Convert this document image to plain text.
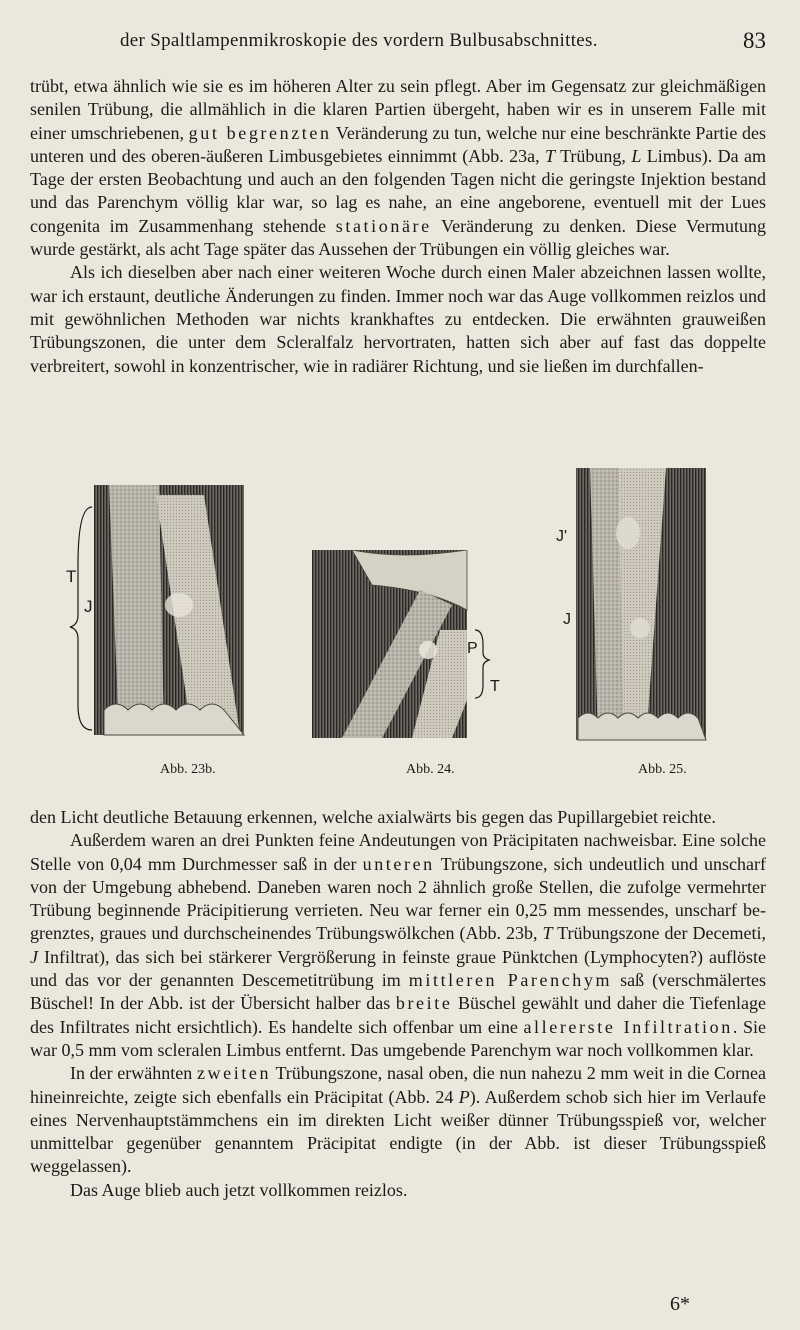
der Spaltlampenmikroskopie des vordern Bulbusabschnittes.	83

trübt, etwa ähnlich wie sie es im höheren Alter zu sein pflegt. Aber im Gegensatz zur gleichmäßigen senilen Trübung, die allmählich in die klaren Partien übergeht, haben wir es in unserem Falle mit einer umschriebenen, gut begrenzten Veränderung zu tun, welche nur eine beschränkte Partie des unteren und des oberen-äußeren Limbusgebietes einnimmt (Abb. 23a, T Trübung, L Limbus). Da am Tage der ersten Beobachtung und auch an den folgenden Tagen nicht die geringste Injektion bestand und das Parenchym völlig klar war, so lag es nahe, an eine angeborene, eventuell mit der Lues congenita im Zusammenhang stehende stationäre Veränderung zu denken. Diese Vermutung wurde gestärkt, als acht Tage später das Aussehen der Trübungen ein völlig gleiches war.

Als ich dieselben aber nach einer weiteren Woche durch einen Maler abzeichnen lassen wollte, war ich erstaunt, deutliche Änderungen zu finden. Immer noch war das Auge vollkommen reizlos und mit gewöhnlichen Methoden war nichts krankhaftes zu entdecken. Die erwähnten grauweißen Trübungszonen, die unter dem Scleralfalz hervortraten, hatten sich aber auf fast das doppelte verbreitert, sowohl in konzentrischer, wie in radiärer Richtung, und sie ließen im durchfallen-

T
J
Abb. 23b.
P
T
Abb. 24.
J'
J
Abb. 25.

den Licht deutliche Betauung erkennen, welche axialwärts bis gegen das Pupillargebiet reichte.

Außerdem waren an drei Punkten feine Andeutungen von Präcipitaten nachweisbar. Eine solche Stelle von 0,04 mm Durchmesser saß in der unteren Trübungszone, sich undeutlich und unscharf von der Umgebung abhebend. Daneben waren noch 2 ähnlich große Stellen, die zufolge vermehrter Trübung beginnende Präcipitierung verrieten. Neu war ferner ein 0,25 mm messendes, unscharf begrenztes, graues und durchscheinendes Trübungswölkchen (Abb. 23b, T Trübungszone der Decemeti, J Infiltrat), das sich bei stärkerer Vergrößerung in feinste graue Pünktchen (Lymphocyten?) auflöste und das vor der genannten Descemetitrübung im mittleren Parenchym saß (verschmälertes Büschel! In der Abb. ist der Übersicht halber das breite Büschel gewählt und daher die Tiefenlage des Infiltrates nicht ersichtlich). Es handelte sich offenbar um eine allererste Infiltration. Sie war 0,5 mm vom scleralen Limbus entfernt. Das umgebende Parenchym war noch vollkommen klar.

In der erwähnten zweiten Trübungszone, nasal oben, die nun nahezu 2 mm weit in die Cornea hineinreichte, zeigte sich ebenfalls ein Präcipitat (Abb. 24 P). Außerdem schob sich hier im Verlaufe eines Nervenhauptstämmchens ein im direkten Licht weißer dünner Trübungsspieß vor, welcher unmittelbar gegenüber genanntem Präcipitat endigte (in der Abb. ist dieser Trübungsspieß weggelassen).

Das Auge blieb auch jetzt vollkommen reizlos.

6*
